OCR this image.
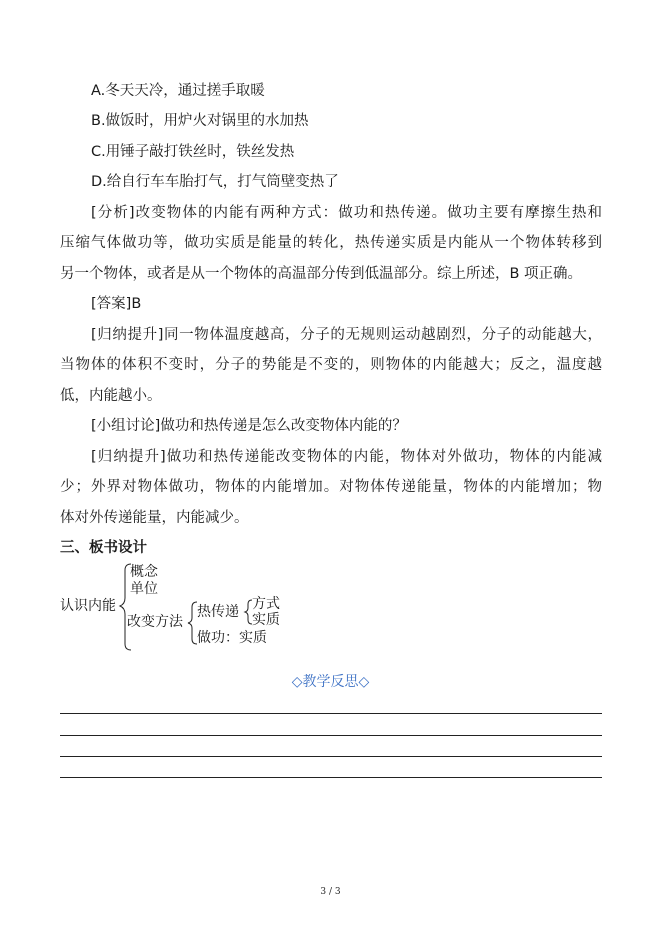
A.冬天天冷，通过搓手取暖
B.做饭时，用炉火对锅里的水加热
C.用锤子敲打铁丝时，铁丝发热
D.给自行车车胎打气，打气筒壁变热了
[分析]改变物体的内能有两种方式：做功和热传递。做功主要有摩擦生热和
压缩气体做功等，做功实质是能量的转化，热传递实质是内能从一个物体转移到
另一个物体，或者是从一个物体的高温部分传到低温部分。综上所述，B 项正确。
[答案]B
[归纳提升]同一物体温度越高，分子的无规则运动越剧烈，分子的动能越大，
当物体的体积不变时，分子的势能是不变的，则物体的内能越大；反之，温度越
低，内能越小。
[小组讨论]做功和热传递是怎么改变物体内能的？
[归纳提升]做功和热传递能改变物体的内能，物体对外做功，物体的内能减
少；外界对物体做功，物体的内能增加。对物体传递能量，物体的内能增加；物
体对外传递能量，内能减少。
三、板书设计
认识内能
概念
单位
改变方法
热传递 方式
实质
做功：实质
◇教学反思◇
3 / 3
